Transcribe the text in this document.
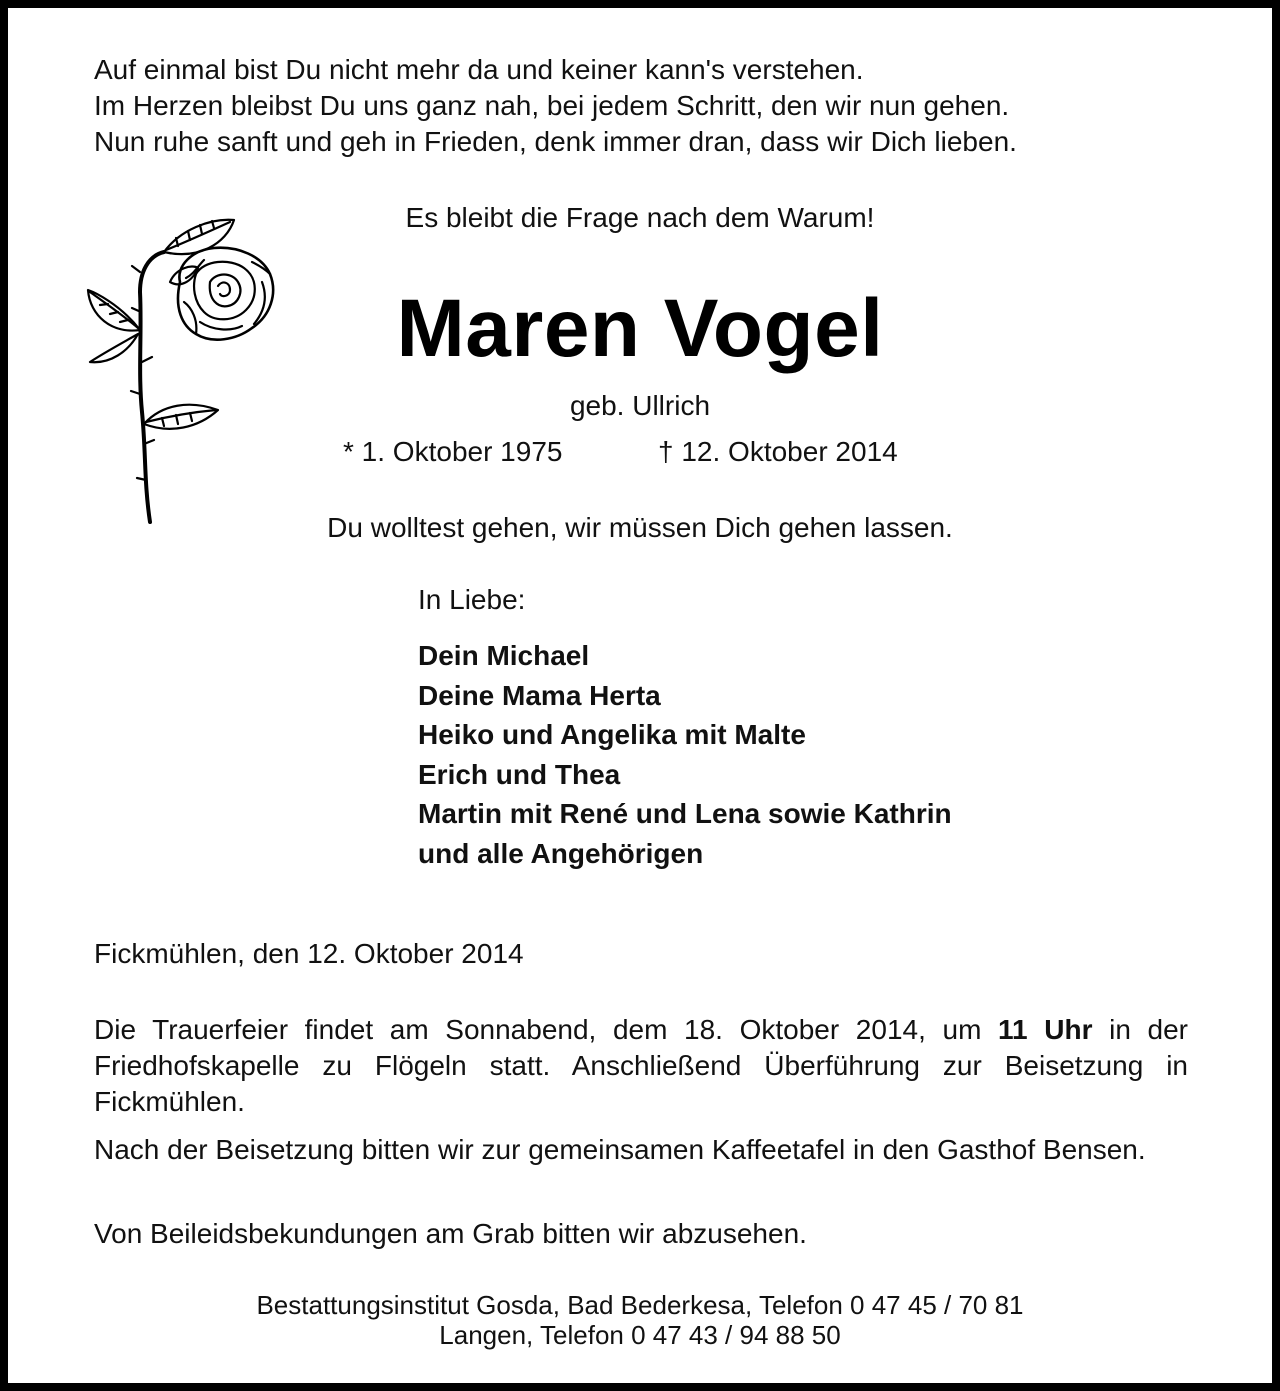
Auf einmal bist Du nicht mehr da und keiner kann's verstehen.
Im Herzen bleibst Du uns ganz nah, bei jedem Schritt, den wir nun gehen.
Nun ruhe sanft und geh in Frieden, denk immer dran, dass wir Dich lieben.
Es bleibt die Frage nach dem Warum!
Maren Vogel
geb. Ullrich
* 1. Oktober 1975	† 12. Oktober 2014
Du wolltest gehen, wir müssen Dich gehen lassen.
In Liebe:
Dein Michael
Deine Mama Herta
Heiko und Angelika mit Malte
Erich und Thea
Martin mit René und Lena sowie Kathrin
und alle Angehörigen
Fickmühlen, den 12. Oktober 2014
Die Trauerfeier findet am Sonnabend, dem 18. Oktober 2014, um 11 Uhr in der Friedhofskapelle zu Flögeln statt. Anschließend Überführung zur Beisetzung in Fickmühlen.
Nach der Beisetzung bitten wir zur gemeinsamen Kaffeetafel in den Gasthof Bensen.
Von Beileidsbekundungen am Grab bitten wir abzusehen.
Bestattungsinstitut Gosda, Bad Bederkesa, Telefon 0 47 45 / 70 81
Langen, Telefon 0 47 43 / 94 88 50
